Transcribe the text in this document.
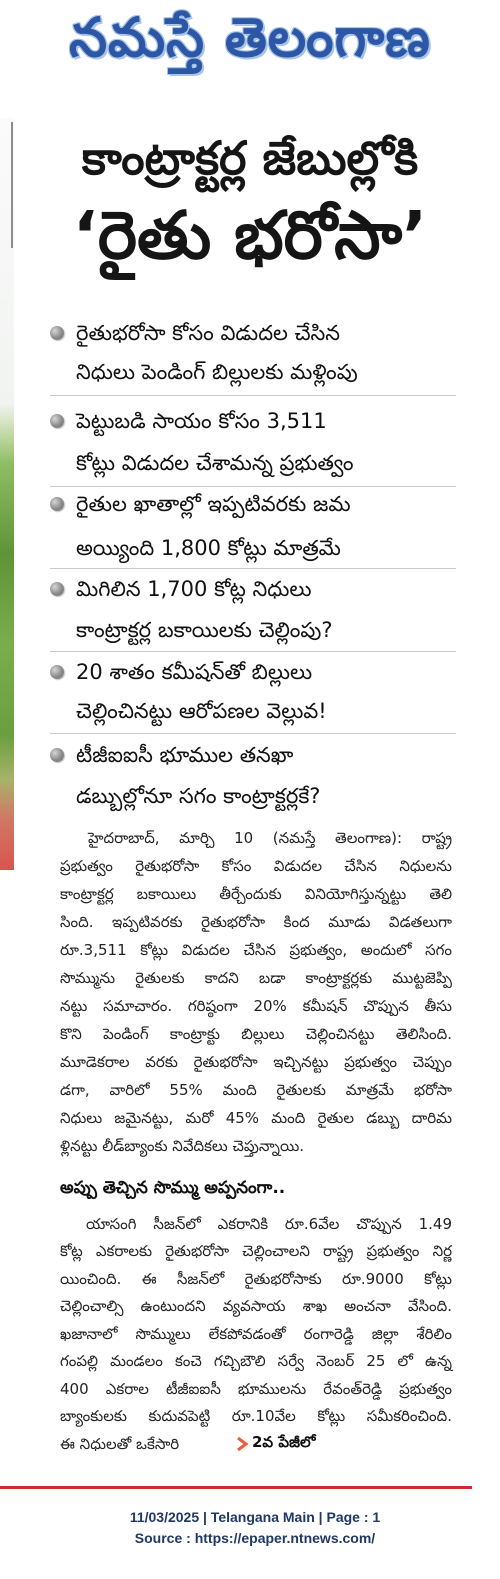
నమస్తే తెలంగాణ
కాంట్రాక్టర్ల జేబుల్లోకి
‘రైతు భరోసా’
రైతుభరోసా కోసం విడుదల చేసిన
నిధులు పెండింగ్ బిల్లులకు మళ్లింపు
పెట్టుబడి సాయం కోసం 3,511
కోట్లు విడుదల చేశామన్న ప్రభుత్వం
రైతుల ఖాతాల్లో ఇప్పటివరకు జమ
అయ్యింది 1,800 కోట్లు మాత్రమే
మిగిలిన 1,700 కోట్ల నిధులు
కాంట్రాక్టర్ల బకాయిలకు చెల్లింపు?
20 శాతం కమీషన్‌తో బిల్లులు
చెల్లించినట్టు ఆరోపణల వెల్లువ!
టీజీఐఐసీ భూముల తనఖా
డబ్బుల్లోనూ సగం కాంట్రాక్టర్లకే?
హైదరాబాద్, మార్చి 10 (నమస్తే తెలంగాణ): రాష్ట్ర
ప్రభుత్వం రైతుభరోసా కోసం విడుదల చేసిన నిధులను
కాంట్రాక్టర్ల బకాయిలు తీర్చేందుకు వినియోగిస్తున్నట్టు తెలి
సింది. ఇప్పటివరకు రైతుభరోసా కింద మూడు విడతలుగా
రూ.3,511 కోట్లు విడుదల చేసిన ప్రభుత్వం, అందులో సగం
సొమ్మును రైతులకు కాదని బడా కాంట్రాక్టర్లకు ముట్టజెప్పి
నట్టు సమాచారం. గరిష్ఠంగా 20% కమీషన్ చొప్పున తీసు
కొని పెండింగ్ కాంట్రాక్టు బిల్లులు చెల్లించినట్టు తెలిసింది.
మూడెకరాల వరకు రైతుభరోసా ఇచ్చినట్టు ప్రభుత్వం చెప్పుం
డగా, వారిలో 55% మంది రైతులకు మాత్రమే భరోసా
నిధులు జమైనట్టు, మరో 45% మంది రైతుల డబ్బు దారిమ
ళ్లినట్టు లీడ్‌బ్యాంకు నివేదికలు చెప్తున్నాయి.
అప్పు తెచ్చిన సొమ్ము అప్పనంగా..
యాసంగి సీజన్‌లో ఎకరానికి రూ.6వేల చొప్పున 1.49
కోట్ల ఎకరాలకు రైతుభరోసా చెల్లించాలని రాష్ట్ర ప్రభుత్వం నిర్ణ
యించింది. ఈ సీజన్‌లో రైతుభరోసాకు రూ.9000 కోట్లు
చెల్లించాల్సి ఉంటుందని వ్యవసాయ శాఖ అంచనా వేసింది.
ఖజానాలో సొమ్ములు లేకపోవడంతో రంగారెడ్డి జిల్లా శేరిలిం
గంపల్లి మండలం కంచె గచ్చిబౌలి సర్వే నెంబర్ 25 లో ఉన్న
400 ఎకరాల టీజీఐఐసీ భూములను రేవంత్‌రెడ్డి ప్రభుత్వం
బ్యాంకులకు కుదువపెట్టి రూ.10వేల కోట్లు సమీకరించింది.
ఈ నిధులతో ఒకేసారి	2వ పేజీలో
11/03/2025 | Telangana Main | Page : 1
Source : https://epaper.ntnews.com/
